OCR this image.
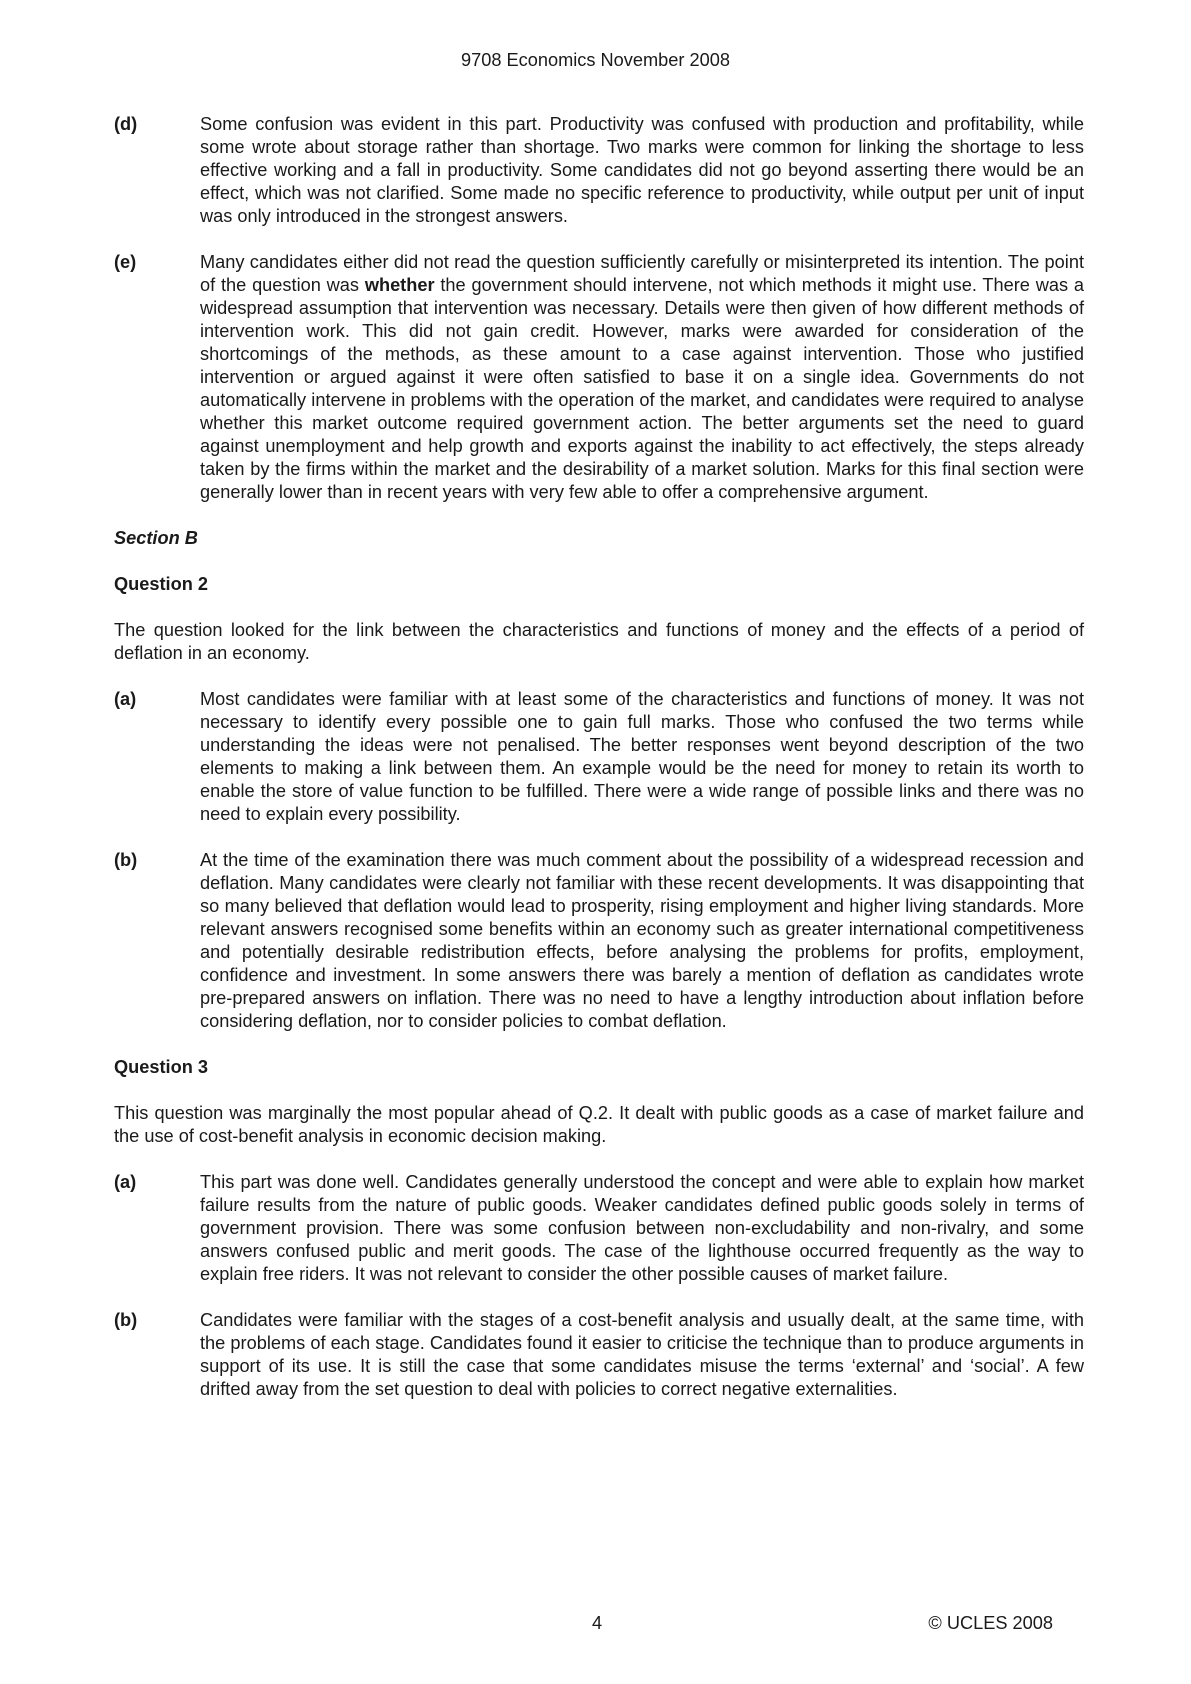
9708 Economics November 2008
(d)	Some confusion was evident in this part. Productivity was confused with production and profitability, while some wrote about storage rather than shortage. Two marks were common for linking the shortage to less effective working and a fall in productivity. Some candidates did not go beyond asserting there would be an effect, which was not clarified. Some made no specific reference to productivity, while output per unit of input was only introduced in the strongest answers.
(e)	Many candidates either did not read the question sufficiently carefully or misinterpreted its intention. The point of the question was whether the government should intervene, not which methods it might use. There was a widespread assumption that intervention was necessary. Details were then given of how different methods of intervention work. This did not gain credit. However, marks were awarded for consideration of the shortcomings of the methods, as these amount to a case against intervention. Those who justified intervention or argued against it were often satisfied to base it on a single idea. Governments do not automatically intervene in problems with the operation of the market, and candidates were required to analyse whether this market outcome required government action. The better arguments set the need to guard against unemployment and help growth and exports against the inability to act effectively, the steps already taken by the firms within the market and the desirability of a market solution. Marks for this final section were generally lower than in recent years with very few able to offer a comprehensive argument.
Section B
Question 2
The question looked for the link between the characteristics and functions of money and the effects of a period of deflation in an economy.
(a)	Most candidates were familiar with at least some of the characteristics and functions of money. It was not necessary to identify every possible one to gain full marks. Those who confused the two terms while understanding the ideas were not penalised. The better responses went beyond description of the two elements to making a link between them. An example would be the need for money to retain its worth to enable the store of value function to be fulfilled. There were a wide range of possible links and there was no need to explain every possibility.
(b)	At the time of the examination there was much comment about the possibility of a widespread recession and deflation. Many candidates were clearly not familiar with these recent developments. It was disappointing that so many believed that deflation would lead to prosperity, rising employment and higher living standards. More relevant answers recognised some benefits within an economy such as greater international competitiveness and potentially desirable redistribution effects, before analysing the problems for profits, employment, confidence and investment. In some answers there was barely a mention of deflation as candidates wrote pre-prepared answers on inflation. There was no need to have a lengthy introduction about inflation before considering deflation, nor to consider policies to combat deflation.
Question 3
This question was marginally the most popular ahead of Q.2. It dealt with public goods as a case of market failure and the use of cost-benefit analysis in economic decision making.
(a)	This part was done well. Candidates generally understood the concept and were able to explain how market failure results from the nature of public goods. Weaker candidates defined public goods solely in terms of government provision. There was some confusion between non-excludability and non-rivalry, and some answers confused public and merit goods. The case of the lighthouse occurred frequently as the way to explain free riders. It was not relevant to consider the other possible causes of market failure.
(b)	Candidates were familiar with the stages of a cost-benefit analysis and usually dealt, at the same time, with the problems of each stage. Candidates found it easier to criticise the technique than to produce arguments in support of its use. It is still the case that some candidates misuse the terms ‘external’ and ‘social’. A few drifted away from the set question to deal with policies to correct negative externalities.
4	© UCLES 2008
